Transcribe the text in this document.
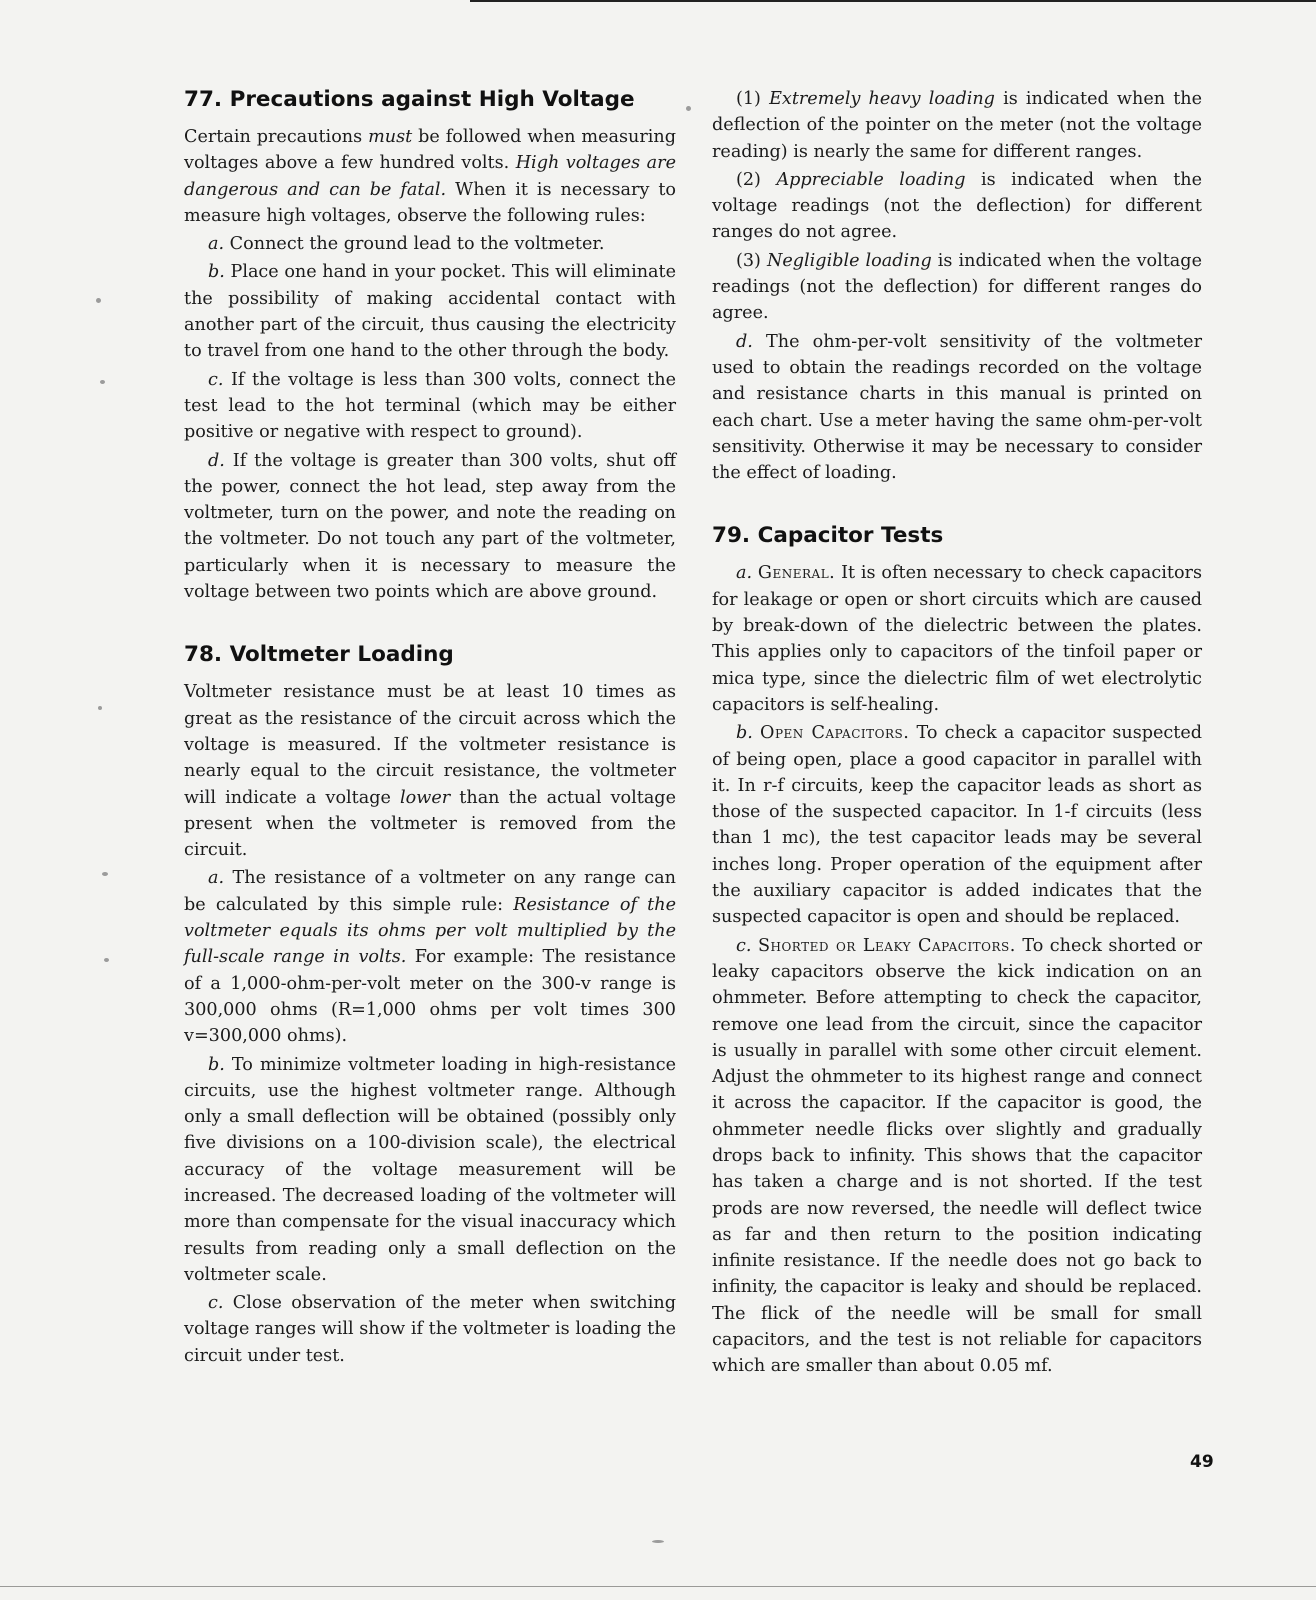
77. Precautions against High Voltage

Certain precautions must be followed when measuring voltages above a few hundred volts. High voltages are dangerous and can be fatal. When it is necessary to measure high voltages, observe the following rules:

a. Connect the ground lead to the voltmeter.

b. Place one hand in your pocket. This will eliminate the possibility of making accidental contact with another part of the circuit, thus causing the electricity to travel from one hand to the other through the body.

c. If the voltage is less than 300 volts, connect the test lead to the hot terminal (which may be either positive or negative with respect to ground).

d. If the voltage is greater than 300 volts, shut off the power, connect the hot lead, step away from the voltmeter, turn on the power, and note the reading on the voltmeter. Do not touch any part of the voltmeter, particularly when it is necessary to measure the voltage between two points which are above ground.

78. Voltmeter Loading

Voltmeter resistance must be at least 10 times as great as the resistance of the circuit across which the voltage is measured. If the voltmeter resistance is nearly equal to the circuit resistance, the voltmeter will indicate a voltage lower than the actual voltage present when the voltmeter is removed from the circuit.

a. The resistance of a voltmeter on any range can be calculated by this simple rule: Resistance of the voltmeter equals its ohms per volt multiplied by the full-scale range in volts. For example: The resistance of a 1,000-ohm-per-volt meter on the 300-v range is 300,000 ohms (R=1,000 ohms per volt times 300 v=300,000 ohms).

b. To minimize voltmeter loading in high-resistance circuits, use the highest voltmeter range. Although only a small deflection will be obtained (possibly only five divisions on a 100-division scale), the electrical accuracy of the voltage measurement will be increased. The decreased loading of the voltmeter will more than compensate for the visual inaccuracy which results from reading only a small deflection on the voltmeter scale.

c. Close observation of the meter when switching voltage ranges will show if the voltmeter is loading the circuit under test.

(1) Extremely heavy loading is indicated when the deflection of the pointer on the meter (not the voltage reading) is nearly the same for different ranges.

(2) Appreciable loading is indicated when the voltage readings (not the deflection) for different ranges do not agree.

(3) Negligible loading is indicated when the voltage readings (not the deflection) for different ranges do agree.

d. The ohm-per-volt sensitivity of the voltmeter used to obtain the readings recorded on the voltage and resistance charts in this manual is printed on each chart. Use a meter having the same ohm-per-volt sensitivity. Otherwise it may be necessary to consider the effect of loading.

79. Capacitor Tests

a. General. It is often necessary to check capacitors for leakage or open or short circuits which are caused by break-down of the dielectric between the plates. This applies only to capacitors of the tinfoil paper or mica type, since the dielectric film of wet electrolytic capacitors is self-healing.

b. Open Capacitors. To check a capacitor suspected of being open, place a good capacitor in parallel with it. In r-f circuits, keep the capacitor leads as short as those of the suspected capacitor. In 1-f circuits (less than 1 mc), the test capacitor leads may be several inches long. Proper operation of the equipment after the auxiliary capacitor is added indicates that the suspected capacitor is open and should be replaced.

c. Shorted or Leaky Capacitors. To check shorted or leaky capacitors observe the kick indication on an ohmmeter. Before attempting to check the capacitor, remove one lead from the circuit, since the capacitor is usually in parallel with some other circuit element. Adjust the ohmmeter to its highest range and connect it across the capacitor. If the capacitor is good, the ohmmeter needle flicks over slightly and gradually drops back to infinity. This shows that the capacitor has taken a charge and is not shorted. If the test prods are now reversed, the needle will deflect twice as far and then return to the position indicating infinite resistance. If the needle does not go back to infinity, the capacitor is leaky and should be replaced. The flick of the needle will be small for small capacitors, and the test is not reliable for capacitors which are smaller than about 0.05 mf.

49
